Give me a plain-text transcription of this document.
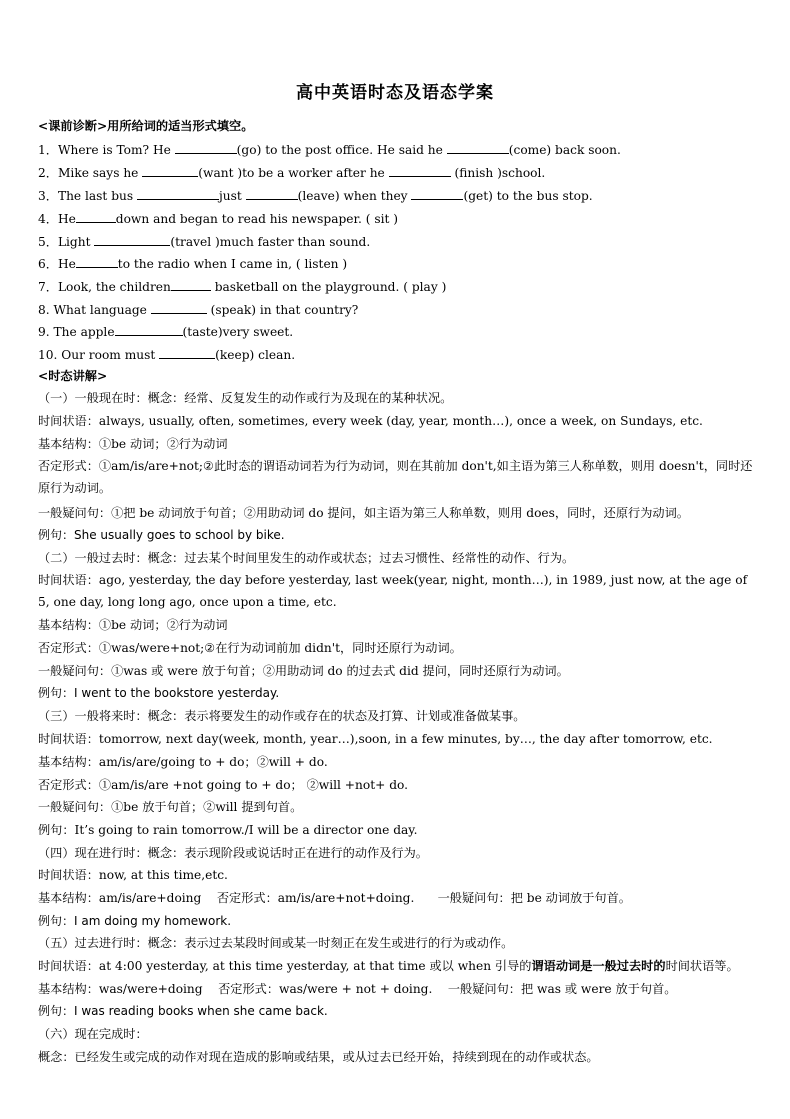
高中英语时态及语态学案
<课前诊断>用所给词的适当形式填空。
1．Where is Tom? He	(go) to the post office. He said he	(come) back soon.
2．Mike says he	(want )to be a worker after he	(finish )school.
3．The last bus	just	(leave) when they	(get) to the bus stop.
4．He	down and began to read his newspaper. ( sit )
5．Light	(travel )much faster than sound.
6．He	to the radio when I came in, ( listen )
7．Look, the children	basketball on the playground. ( play )
8. What language	(speak) in that country?
9. The apple	(taste)very sweet.
10. Our room must	(keep) clean.
<时态讲解>
（一）一般现在时：概念：经常、反复发生的动作或行为及现在的某种状况。
时间状语：always, usually, often, sometimes, every week (day, year, month…), once a week, on Sundays, etc.
基本结构：①be 动词；②行为动词
否定形式：①am/is/are+not;②此时态的谓语动词若为行为动词，则在其前加 don't,如主语为第三人称单数，则用 doesn't，同时还原行为动词。
一般疑问句：①把 be 动词放于句首；②用助动词 do 提问，如主语为第三人称单数，则用 does，同时，还原行为动词。
例句：She usually goes to school by bike.
（二）一般过去时：概念：过去某个时间里发生的动作或状态；过去习惯性、经常性的动作、行为。
时间状语：ago, yesterday, the day before yesterday, last week(year, night, month…), in 1989, just now, at the age of 5, one day, long long ago, once upon a time, etc.
基本结构：①be 动词；②行为动词
否定形式：①was/were+not;②在行为动词前加 didn't，同时还原行为动词。
一般疑问句：①was 或 were 放于句首；②用助动词 do 的过去式 did 提问，同时还原行为动词。
例句：I went to the bookstore yesterday.
（三）一般将来时：概念：表示将要发生的动作或存在的状态及打算、计划或准备做某事。
时间状语：tomorrow, next day(week, month, year…),soon, in a few minutes, by…, the day after tomorrow, etc.
基本结构：am/is/are/going to + do；②will + do.
否定形式：①am/is/are +not going to + do； ②will +not+ do.
一般疑问句：①be 放于句首；②will 提到句首。
例句：It’s going to rain tomorrow./I will be a director one day.
（四）现在进行时：概念：表示现阶段或说话时正在进行的动作及行为。
时间状语：now, at this time,etc.
基本结构：am/is/are+doing 否定形式：am/is/are+not+doing. 一般疑问句：把 be 动词放于句首。
例句：I am doing my homework.
（五）过去进行时：概念：表示过去某段时间或某一时刻正在发生或进行的行为或动作。
时间状语：at 4:00 yesterday, at this time yesterday, at that time 或以 when 引导的谓语动词是一般过去时的时间状语等。
基本结构：was/were+doing 否定形式：was/were + not + doing. 一般疑问句：把 was 或 were 放于句首。
例句：I was reading books when she came back.
（六）现在完成时：
概念：已经发生或完成的动作对现在造成的影响或结果，或从过去已经开始，持续到现在的动作或状态。
